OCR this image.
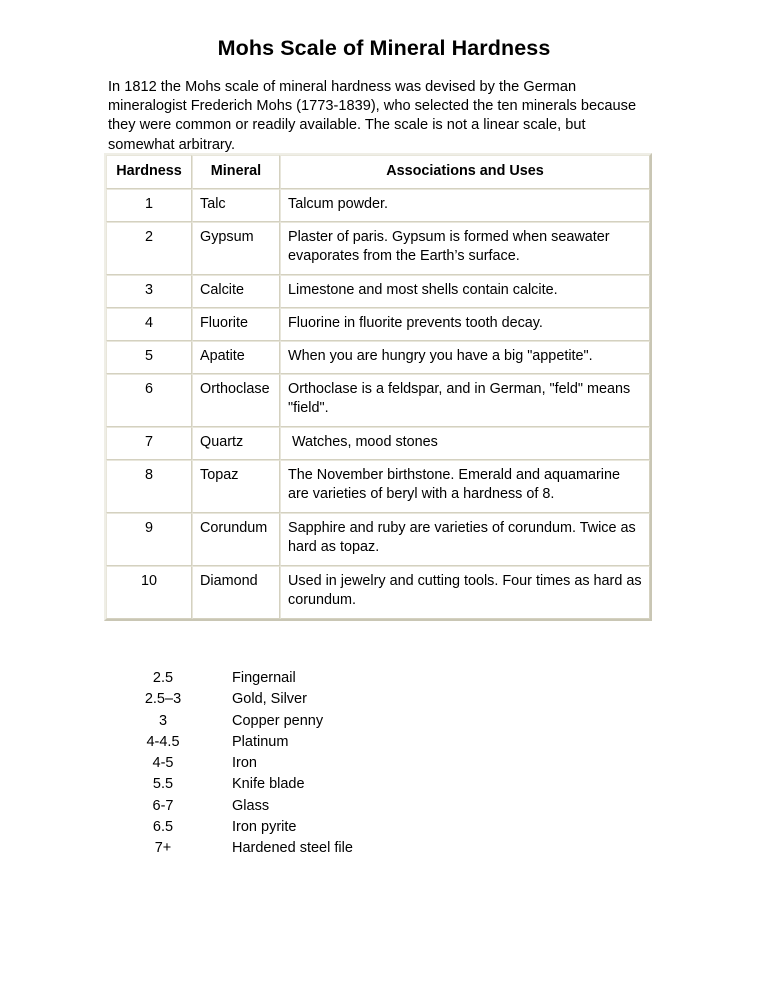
Mohs Scale of Mineral Hardness

In 1812 the Mohs scale of mineral hardness was devised by the German mineralogist Frederich Mohs (1773-1839), who selected the ten minerals because they were common or readily available. The scale is not a linear scale, but somewhat arbitrary.

Hardness	Mineral	Associations and Uses
1	Talc	Talcum powder.
2	Gypsum	Plaster of paris. Gypsum is formed when seawater evaporates from the Earth’s surface.
3	Calcite	Limestone and most shells contain calcite.
4	Fluorite	Fluorine in fluorite prevents tooth decay.
5	Apatite	When you are hungry you have a big "appetite".
6	Orthoclase	Orthoclase is a feldspar, and in German, "feld" means "field".
7	Quartz	Watches, mood stones
8	Topaz	The November birthstone. Emerald and aquamarine are varieties of beryl with a hardness of 8.
9	Corundum	Sapphire and ruby are varieties of corundum. Twice as hard as topaz.
10	Diamond	Used in jewelry and cutting tools. Four times as hard as corundum.
2.5	Fingernail
2.5–3	Gold, Silver
3	Copper penny
4-4.5	Platinum
4-5	Iron
5.5	Knife blade
6-7	Glass
6.5	Iron pyrite
7+	Hardened steel file
